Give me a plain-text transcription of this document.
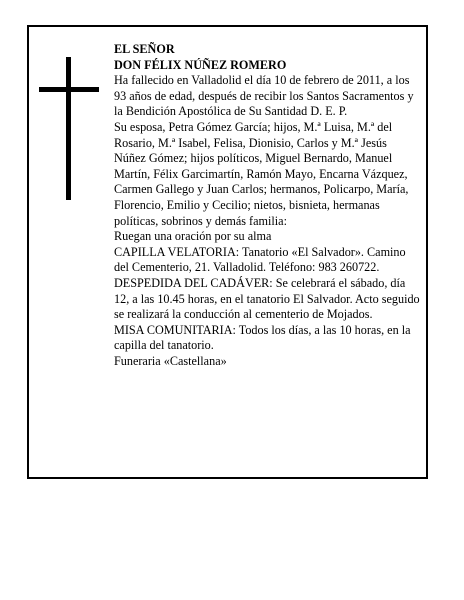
EL SEÑOR

DON FÉLIX NÚÑEZ ROMERO

Ha fallecido en Valladolid el día 10 de febrero de 2011, a los 93 años de edad, después de recibir los Santos Sacramentos y la Bendición Apostólica de Su Santidad D. E. P.

Su esposa, Petra Gómez García; hijos, M.ª Luisa, M.ª del Rosario, M.ª Isabel, Felisa, Dionisio, Carlos y M.ª Jesús Núñez Gómez; hijos políticos, Miguel Bernardo, Manuel Martín, Félix Garcimartín, Ramón Mayo, Encarna Vázquez, Carmen Gallego y Juan Carlos; hermanos, Policarpo, María, Florencio, Emilio y Cecilio; nietos, bisnieta, hermanas políticas, sobrinos y demás familia:

Ruegan una oración por su alma

CAPILLA VELATORIA: Tanatorio «El Salvador». Camino del Cementerio, 21. Valladolid. Teléfono: 983 260722.

DESPEDIDA DEL CADÁVER: Se celebrará el sábado, día 12, a las 10.45 horas, en el tanatorio El Salvador. Acto seguido se realizará la conducción al cementerio de Mojados.

MISA COMUNITARIA: Todos los días, a las 10 horas, en la capilla del tanatorio.

Funeraria «Castellana»
